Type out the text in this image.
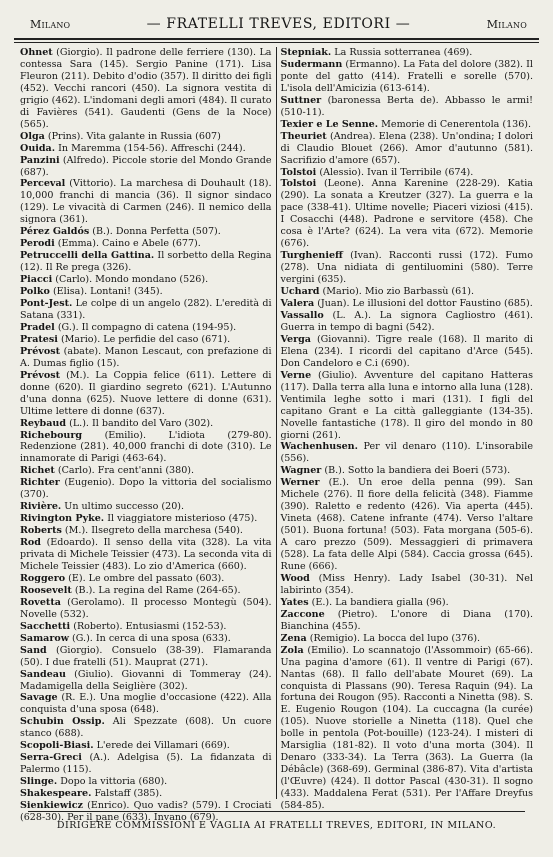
Milano	— FRATELLI TREVES, EDITORI —	Milano

Ohnet (Giorgio). Il padrone delle ferriere (130). La contessa Sara (145). Sergio Panine (171). Lisa Fleuron (211). Debito d'odio (357). Il diritto dei figli (452). Vecchi rancori (450). La signora vestita di grigio (462). L'indomani degli amori (484). Il curato di Favières (541). Gaudenti (Gens de la Noce) (565).

Olga (Prins). Vita galante in Russia (607)

Ouida. In Maremma (154-56). Affreschi (244).

Panzini (Alfredo). Piccole storie del Mondo Grande (687).

Perceval (Vittorio). La marchesa di Douhault (18). 10,000 franchi di mancia (36). Il signor sindaco (129). Le vivacità di Carmen (246). Il nemico della signora (361).

Pérez Galdós (B.). Donna Perfetta (507).

Perodi (Emma). Caino e Abele (677).

Petruccelli della Gattina. Il sorbetto della Regina (12). Il Re prega (326).

Piacci (Carlo). Mondo mondano (526).

Polko (Elisa). Lontani! (345).

Pont-Jest. Le colpe di un angelo (282). L'eredità di Satana (331).

Pradel (G.). Il compagno di catena (194-95).

Pratesi (Mario). Le perfidie del caso (671).

Prévost (abate). Manon Lescaut, con prefazione di A. Dumas figlio (15).

Prévost (M.). La Coppia felice (611). Lettere di donne (620). Il giardino segreto (621). L'Autunno d'una donna (625). Nuove lettere di donne (631). Ultime lettere di donne (637).

Reybaud (L.). Il bandito del Varo (302).

Richebourg (Emilio). L'idiota (279-80). Redenzione (281). 40,000 franchi di dote (310). Le innamorate di Parigi (463-64).

Richet (Carlo). Fra cent'anni (380).

Richter (Eugenio). Dopo la vittoria del socialismo (370).

Rivière. Un ultimo successo (20).

Rivington Pyke. Il viaggiatore misterioso (475).

Roberts (M.). Ilsegreto della marchesa (540).

Rod (Edoardo). Il senso della vita (328). La vita privata di Michele Teissier (473). La seconda vita di Michele Teissier (483). Lo zio d'America (660).

Roggero (E). Le ombre del passato (603).

Roosevelt (B.). La regina del Rame (264-65).

Rovetta (Gerolamo). Il processo Montegù (504). Novelle (532).

Sacchetti (Roberto). Entusiasmi (152-53).

Samarow (G.). In cerca di una sposa (633).

Sand (Giorgio). Consuelo (38-39). Flamaranda (50). I due fratelli (51). Mauprat (271).

Sandeau (Giulio). Giovanni di Tommeray (24). Madamigella della Seiglière (302).

Savage (R. E.). Una moglie d'occasione (422). Alla conquista d'una sposa (648).

Schubin Ossip. Ali Spezzate (608). Un cuore stanco (688).

Scopoli-Biasi. L'erede dei Villamari (669).

Serra-Greci (A.). Adelgisa (5). La fidanzata di Palermo (115).

Slinge. Dopo la vittoria (680).

Shakespeare. Falstaff (385).

Sienkiewicz (Enrico). Quo vadis? (579). I Crociati (628-30). Per il pane (633). Invano (679).

Stepniak. La Russia sotterranea (469).

Sudermann (Ermanno). La Fata del dolore (382). Il ponte del gatto (414). Fratelli e sorelle (570). L'isola dell'Amicizia (613-614).

Suttner (baronessa Berta de). Abbasso le armi! (510-11).

Texier e Le Senne. Memorie di Cenerentola (136).

Theuriet (Andrea). Elena (238). Un'ondina; I dolori di Claudio Blouet (266). Amor d'autunno (581). Sacrifizio d'amore (657).

Tolstoi (Alessio). Ivan il Terribile (674).

Tolstoi (Leone). Anna Karenine (228-29). Katia (290). La sonata a Kreutzer (327). La guerra e la pace (338-41). Ultime novelle; Piaceri viziosi (415). I Cosacchi (448). Padrone e servitore (458). Che cosa è l'Arte? (624). La vera vita (672). Memorie (676).

Turghenieff (Ivan). Racconti russi (172). Fumo (278). Una nidiata di gentiluomini (580). Terre vergini (635).

Uchard (Mario). Mio zio Barbassù (61).

Valera (Juan). Le illusioni del dottor Faustino (685).

Vassallo (L. A.). La signora Cagliostro (461). Guerra in tempo di bagni (542).

Verga (Giovanni). Tigre reale (168). Il marito di Elena (234). I ricordi del capitano d'Arce (545). Don Candeloro e C.i (690).

Verne (Giulio). Avventure del capitano Hatteras (117). Dalla terra alla luna e intorno alla luna (128). Ventimila leghe sotto i mari (131). I figli del capitano Grant e La città galleggiante (134-35). Novelle fantastiche (178). Il giro del mondo in 80 giorni (261).

Wachenhusen. Per vil denaro (110). L'insorabile (556).

Wagner (B.). Sotto la bandiera dei Boeri (573).

Werner (E.). Un eroe della penna (99). San Michele (276). Il fiore della felicità (348). Fiamme (390). Raletto e redento (426). Via aperta (445). Vineta (468). Catene infrante (474). Verso l'altare (501). Buona fortuna! (503). Fata morgana (505-6). A caro prezzo (509). Messaggieri di primavera (528). La fata delle Alpi (584). Caccia grossa (645). Rune (666).

Wood (Miss Henry). Lady Isabel (30-31). Nel labirinto (354).

Yates (E.). La bandiera gialla (96).

Zaccone (Pietro). L'onore di Diana (170). Bianchina (455).

Zena (Remigio). La bocca del lupo (376).

Zola (Emilio). Lo scannatojo (l'Assommoir) (65-66). Una pagina d'amore (61). Il ventre di Parigi (67). Nantas (68). Il fallo dell'abate Mouret (69). La conquista di Plassans (90). Teresa Raquin (94). La fortuna dei Rougon (95). Racconti a Ninetta (98). S. E. Eugenio Rougon (104). La cuccagna (la curée) (105). Nuove storielle a Ninetta (118). Quel che bolle in pentola (Pot-bouille) (123-24). I misteri di Marsiglia (181-82). Il voto d'una morta (304). Il Denaro (333-34). La Terra (363). La Guerra (la Débâcle) (368-69). Germinal (386-87). Vita d'artista (l'Œuvre) (424). Il dottor Pascal (430-31). Il sogno (433). Maddalena Ferat (531). Per l'Affare Dreyfus (584-85).

DIRIGERE COMMISSIONI E VAGLIA AI FRATELLI TREVES, EDITORI, IN MILANO.
